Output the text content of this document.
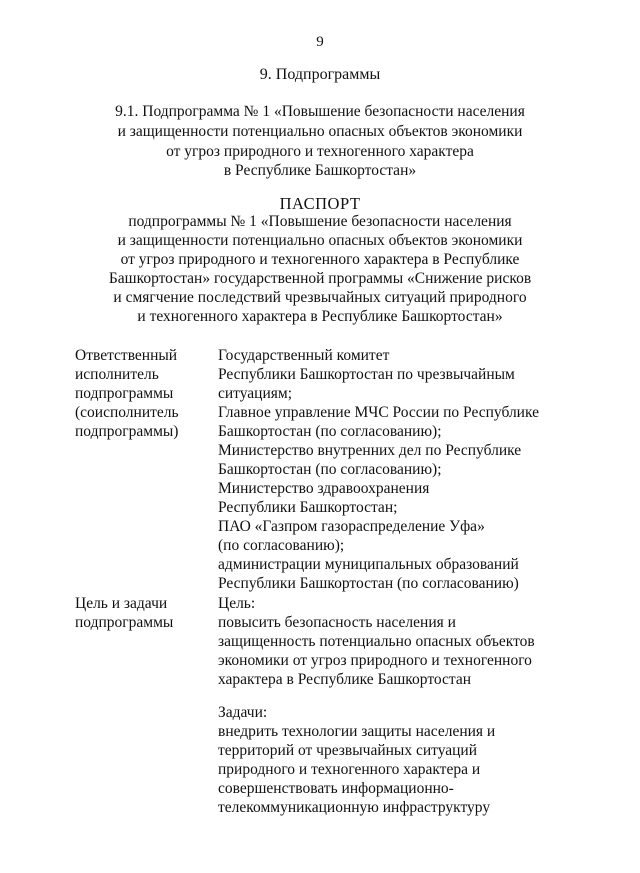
9
9. Подпрограммы
9.1. Подпрограмма № 1 «Повышение безопасности населения
и защищенности потенциально опасных объектов экономики
от угроз природного и техногенного характера
в Республике Башкортостан»
ПАСПОРТ
подпрограммы № 1 «Повышение безопасности населения
и защищенности потенциально опасных объектов экономики
от угроз природного и техногенного характера в Республике
Башкортостан» государственной программы «Снижение рисков
и смягчение последствий чрезвычайных ситуаций природного
и техногенного характера в Республике Башкортостан»
Ответственный
исполнитель
подпрограммы
(соисполнитель
подпрограммы)
Государственный комитет
Республики Башкортостан по чрезвычайным
ситуациям;
Главное управление МЧС России по Республике
Башкортостан (по согласованию);
Министерство внутренних дел по Республике
Башкортостан (по согласованию);
Министерство здравоохранения
Республики Башкортостан;
ПАО «Газпром газораспределение Уфа»
(по согласованию);
администрации муниципальных образований
Республики Башкортостан (по согласованию)
Цель и задачи
подпрограммы
Цель:
повысить безопасность населения и
защищенность потенциально опасных объектов
экономики от угроз природного и техногенного
характера в Республике Башкортостан
Задачи:
внедрить технологии защиты населения и
территорий от чрезвычайных ситуаций
природного и техногенного характера и
совершенствовать информационно-
телекоммуникационную инфраструктуру
